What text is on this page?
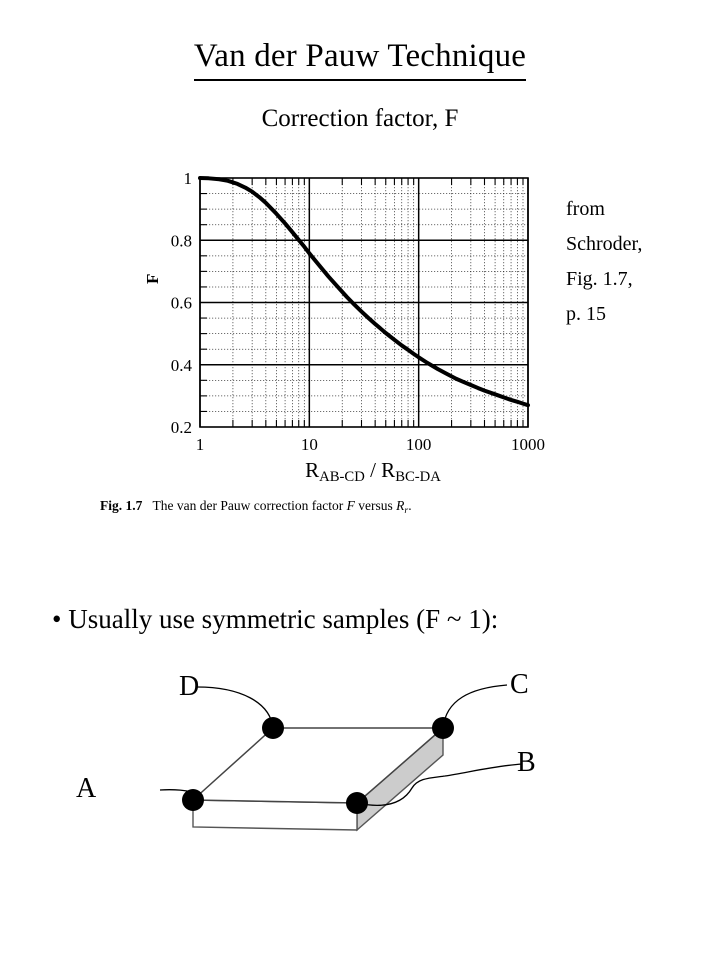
Van der Pauw Technique
Correction factor, F
from
Schroder,
Fig. 1.7,
p. 15
0.2
0.4
0.6
0.8
1
1	10	100	1000
F
$R_{AB-CD} / R_{BC-DA}$
Fig. 1.7 The van der Pauw correction factor F versus $R_r$.
• Usually use symmetric samples (F ~ 1):
A
D	C
B
